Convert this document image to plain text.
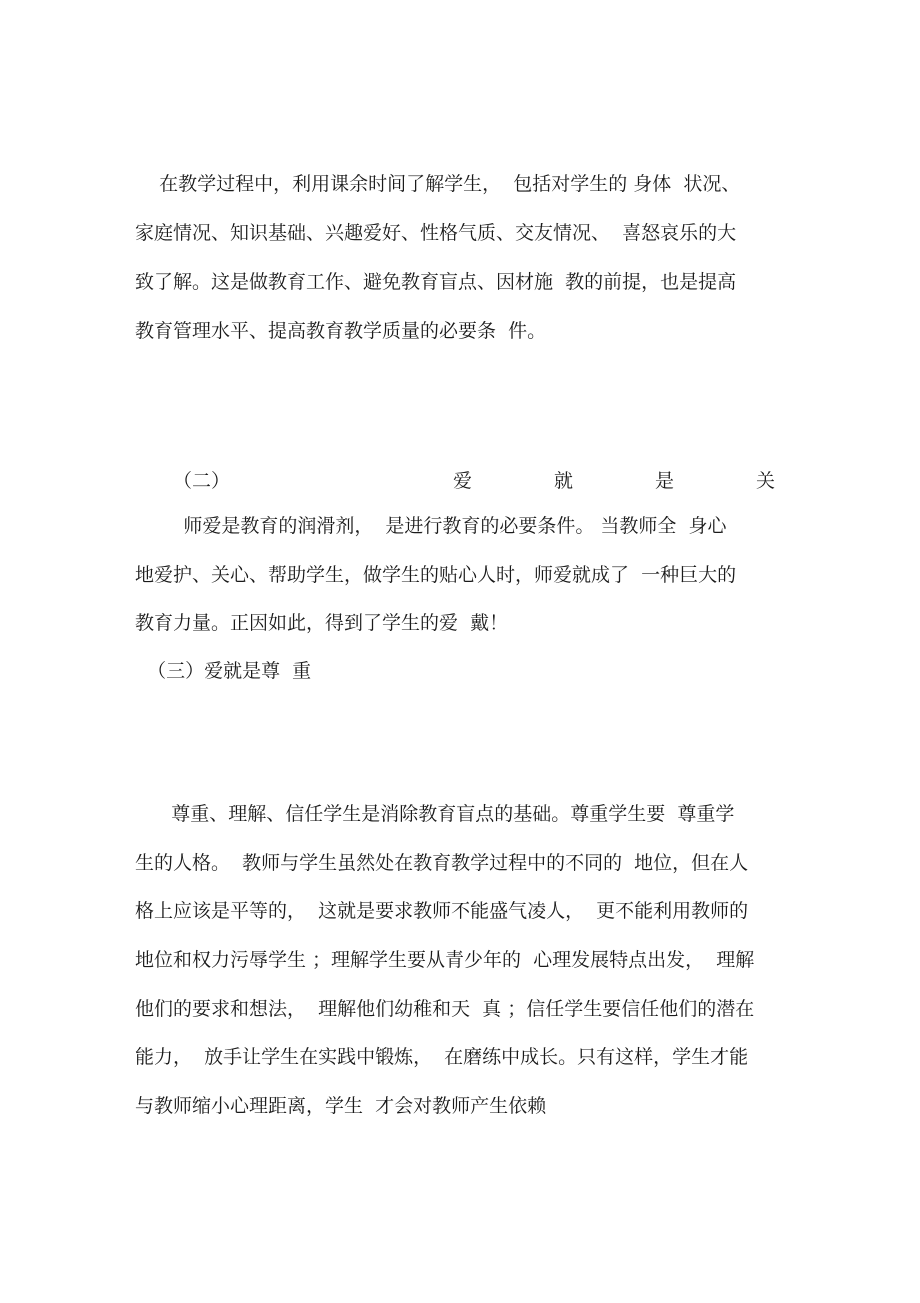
在教学过程中，利用课余时间了解学生，  包括对学生的 身体  状况、

家庭情况、知识基础、兴趣爱好、性格气质、交友情况、  喜怒哀乐的大

致了解。这是做教育工作、避免教育盲点、因材施  教的前提，也是提高

教育管理水平、提高教育教学质量的必要条  件。

（二）	爱	就	是	关

师爱是教育的润滑剂，  是进行教育的必要条件。 当教师全  身心

地爱护、关心、帮助学生，做学生的贴心人时，师爱就成了  一种巨大的

教育力量。正因如此，得到了学生的爱  戴！

（三）爱就是尊  重

尊重、理解、信任学生是消除教育盲点的基础。尊重学生要  尊重学

生的人格。  教师与学生虽然处在教育教学过程中的不同的  地位，但在人

格上应该是平等的，  这就是要求教师不能盛气凌人，  更不能利用教师的

地位和权力污辱学生 ；理解学生要从青少年的  心理发展特点出发，  理解

他们的要求和想法，  理解他们幼稚和天  真 ；信任学生要信任他们的潜在

能力，  放手让学生在实践中锻炼，  在磨练中成长。只有这样，学生才能

与教师缩小心理距离，学生  才会对教师产生依赖
